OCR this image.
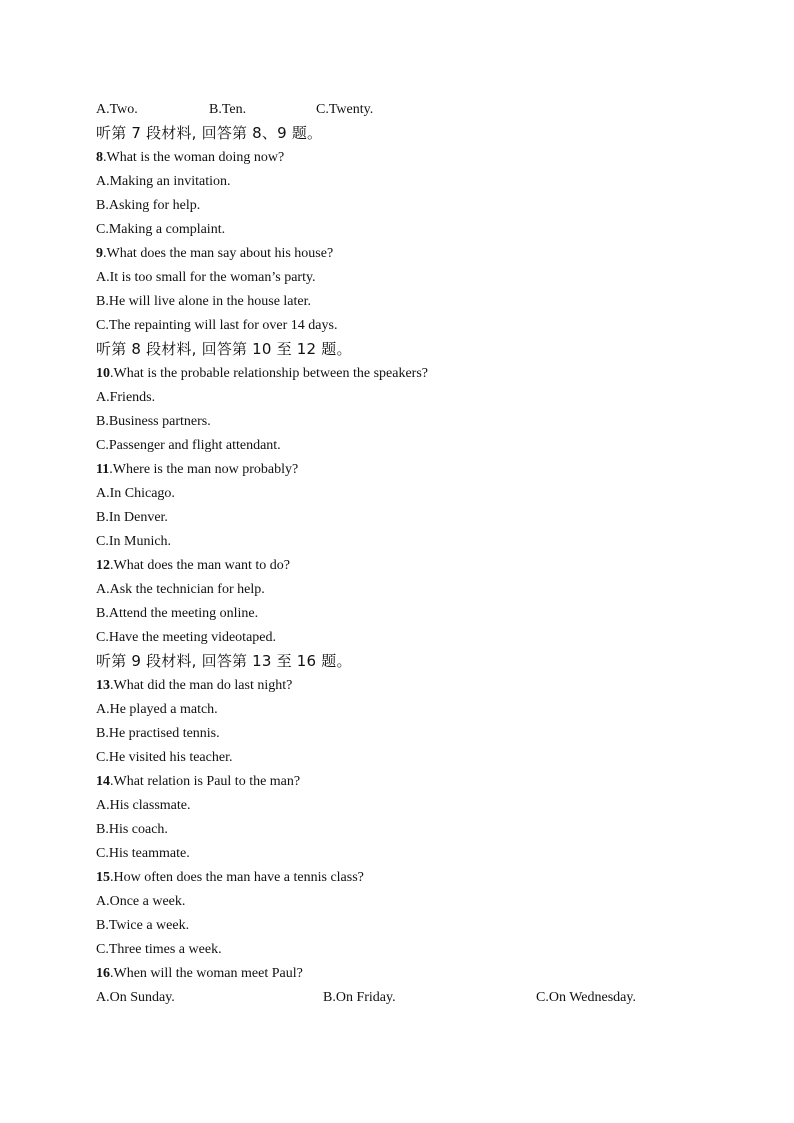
A.Two.	B.Ten.	C.Twenty.
听第 7 段材料, 回答第 8、9 题。
8.What is the woman doing now?
A.Making an invitation.
B.Asking for help.
C.Making a complaint.
9.What does the man say about his house?
A.It is too small for the woman’s party.
B.He will live alone in the house later.
C.The repainting will last for over 14 days.
听第 8 段材料, 回答第 10 至 12 题。
10.What is the probable relationship between the speakers?
A.Friends.
B.Business partners.
C.Passenger and flight attendant.
11.Where is the man now probably?
A.In Chicago.
B.In Denver.
C.In Munich.
12.What does the man want to do?
A.Ask the technician for help.
B.Attend the meeting online.
C.Have the meeting videotaped.
听第 9 段材料, 回答第 13 至 16 题。
13.What did the man do last night?
A.He played a match.
B.He practised tennis.
C.He visited his teacher.
14.What relation is Paul to the man?
A.His classmate.
B.His coach.
C.His teammate.
15.How often does the man have a tennis class?
A.Once a week.
B.Twice a week.
C.Three times a week.
16.When will the woman meet Paul?
A.On Sunday.	B.On Friday.	C.On Wednesday.
